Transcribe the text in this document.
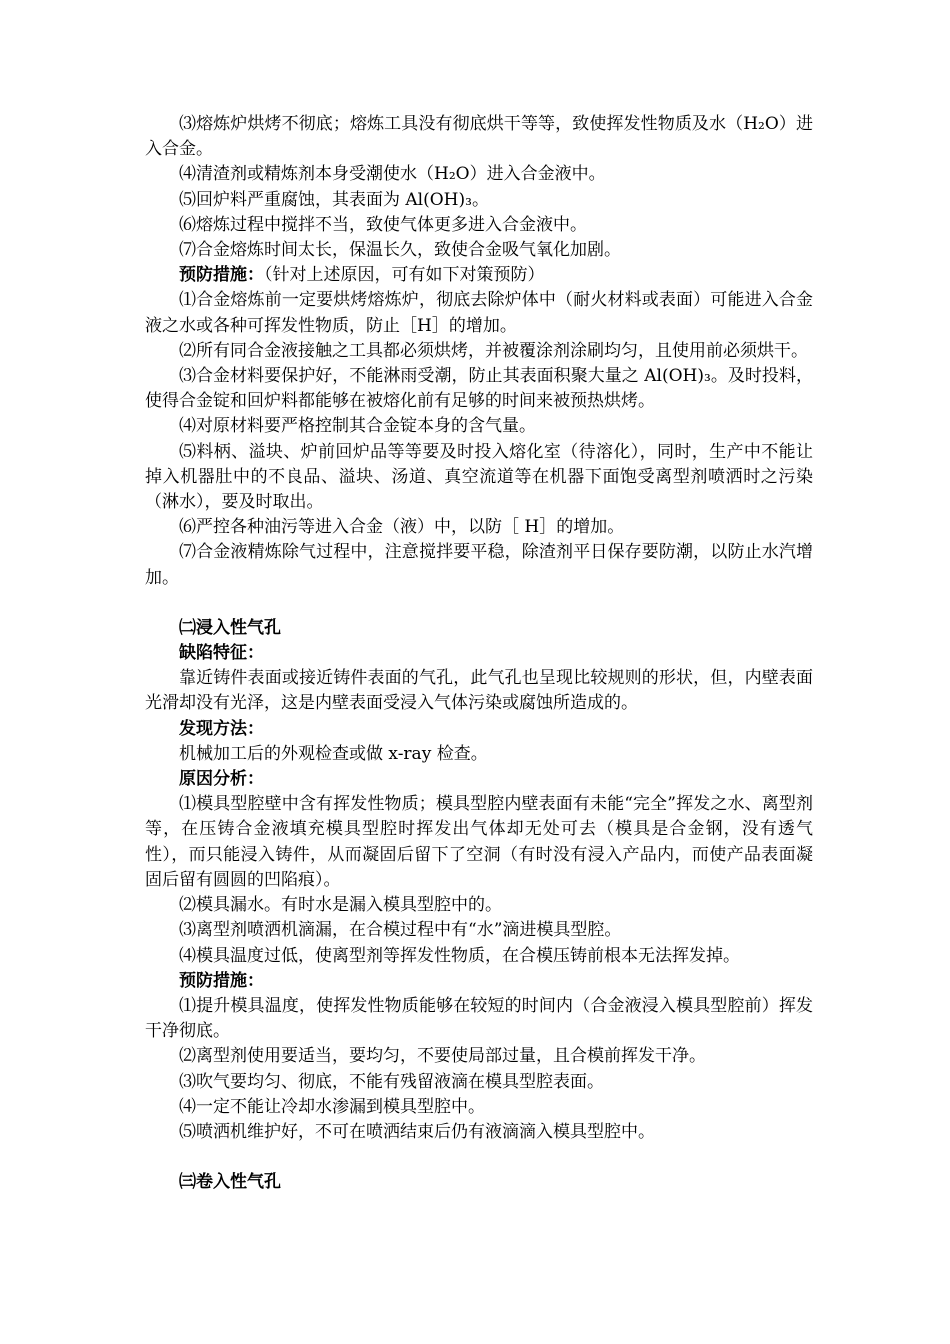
⑶熔炼炉烘烤不彻底；熔炼工具没有彻底烘干等等，致使挥发性物质及水（H₂O）进入合金。

⑷清渣剂或精炼剂本身受潮使水（H₂O）进入合金液中。

⑸回炉料严重腐蚀，其表面为 Al(OH)₃。

⑹熔炼过程中搅拌不当，致使气体更多进入合金液中。

⑺合金熔炼时间太长，保温长久，致使合金吸气氧化加剧。

预防措施：（针对上述原因，可有如下对策预防）

⑴合金熔炼前一定要烘烤熔炼炉，彻底去除炉体中（耐火材料或表面）可能进入合金液之水或各种可挥发性物质，防止［H］的增加。

⑵所有同合金液接触之工具都必须烘烤，并被覆涂剂涂刷均匀，且使用前必须烘干。

⑶合金材料要保护好，不能淋雨受潮，防止其表面积聚大量之 Al(OH)₃。及时投料，使得合金锭和回炉料都能够在被熔化前有足够的时间来被预热烘烤。

⑷对原材料要严格控制其合金锭本身的含气量。

⑸料柄、溢块、炉前回炉品等等要及时投入熔化室（待溶化），同时，生产中不能让掉入机器肚中的不良品、溢块、汤道、真空流道等在机器下面饱受离型剂喷洒时之污染（淋水），要及时取出。

⑹严控各种油污等进入合金（液）中，以防［ H］的增加。

⑺合金液精炼除气过程中，注意搅拌要平稳，除渣剂平日保存要防潮，以防止水汽增加。

㈡浸入性气孔

缺陷特征：

靠近铸件表面或接近铸件表面的气孔，此气孔也呈现比较规则的形状，但，内壁表面光滑却没有光泽，这是内壁表面受浸入气体污染或腐蚀所造成的。

发现方法：

机械加工后的外观检查或做 x-ray 检查。

原因分析：

⑴模具型腔壁中含有挥发性物质；模具型腔内壁表面有未能“完全”挥发之水、离型剂等，在压铸合金液填充模具型腔时挥发出气体却无处可去（模具是合金钢，没有透气性），而只能浸入铸件，从而凝固后留下了空洞（有时没有浸入产品内，而使产品表面凝固后留有圆圆的凹陷痕）。

⑵模具漏水。有时水是漏入模具型腔中的。

⑶离型剂喷洒机滴漏，在合模过程中有“水”滴进模具型腔。

⑷模具温度过低，使离型剂等挥发性物质，在合模压铸前根本无法挥发掉。

预防措施：

⑴提升模具温度，使挥发性物质能够在较短的时间内（合金液浸入模具型腔前）挥发干净彻底。

⑵离型剂使用要适当，要均匀，不要使局部过量，且合模前挥发干净。

⑶吹气要均匀、彻底，不能有残留液滴在模具型腔表面。

⑷一定不能让冷却水渗漏到模具型腔中。

⑸喷洒机维护好，不可在喷洒结束后仍有液滴滴入模具型腔中。

㈢卷入性气孔
